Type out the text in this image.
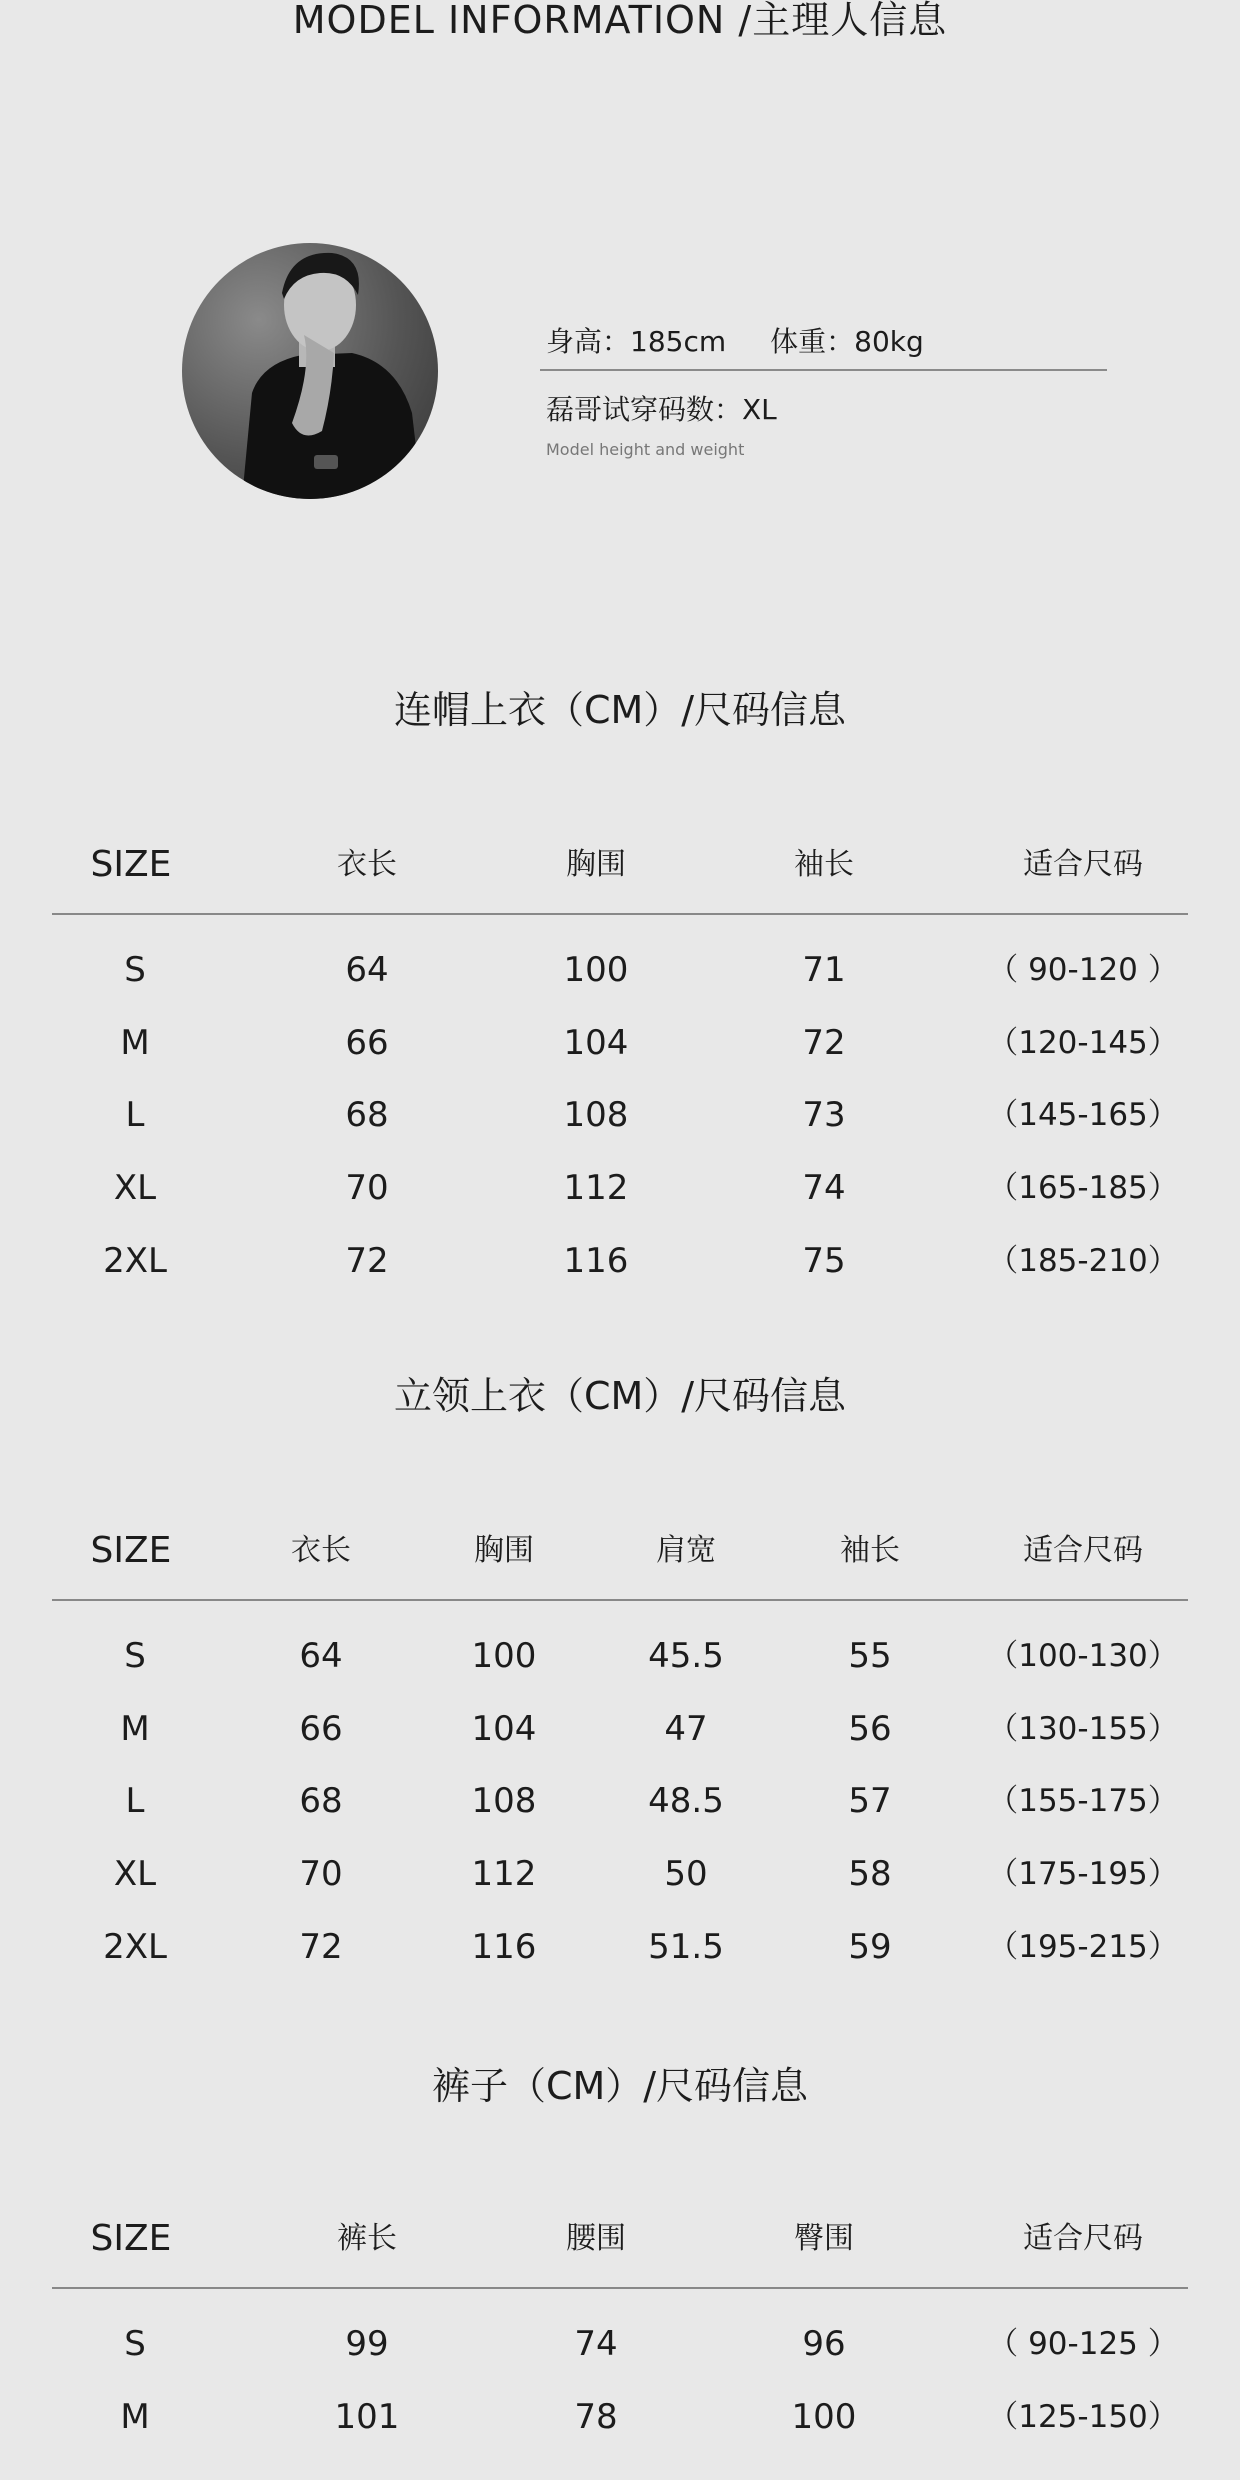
MODEL INFORMATION /主理人信息
身高：185cm 体重：80kg
磊哥试穿码数：XL
Model height and weight
连帽上衣（CM）/尺码信息
SIZE	衣长	胸围	袖长	适合尺码
S	64	100	71	（ 90-120 ）
M	66	104	72	（120-145）
L	68	108	73	（145-165）
XL	70	112	74	（165-185）
2XL	72	116	75	（185-210）
立领上衣（CM）/尺码信息
SIZE	衣长	胸围	肩宽	袖长	适合尺码
S	64	100	45.5	55	（100-130）
M	66	104	47	56	（130-155）
L	68	108	48.5	57	（155-175）
XL	70	112	50	58	（175-195）
2XL	72	116	51.5	59	（195-215）
裤子（CM）/尺码信息
SIZE	裤长	腰围	臀围	适合尺码
S	99	74	96	（ 90-125 ）
M	101	78	100	（125-150）
